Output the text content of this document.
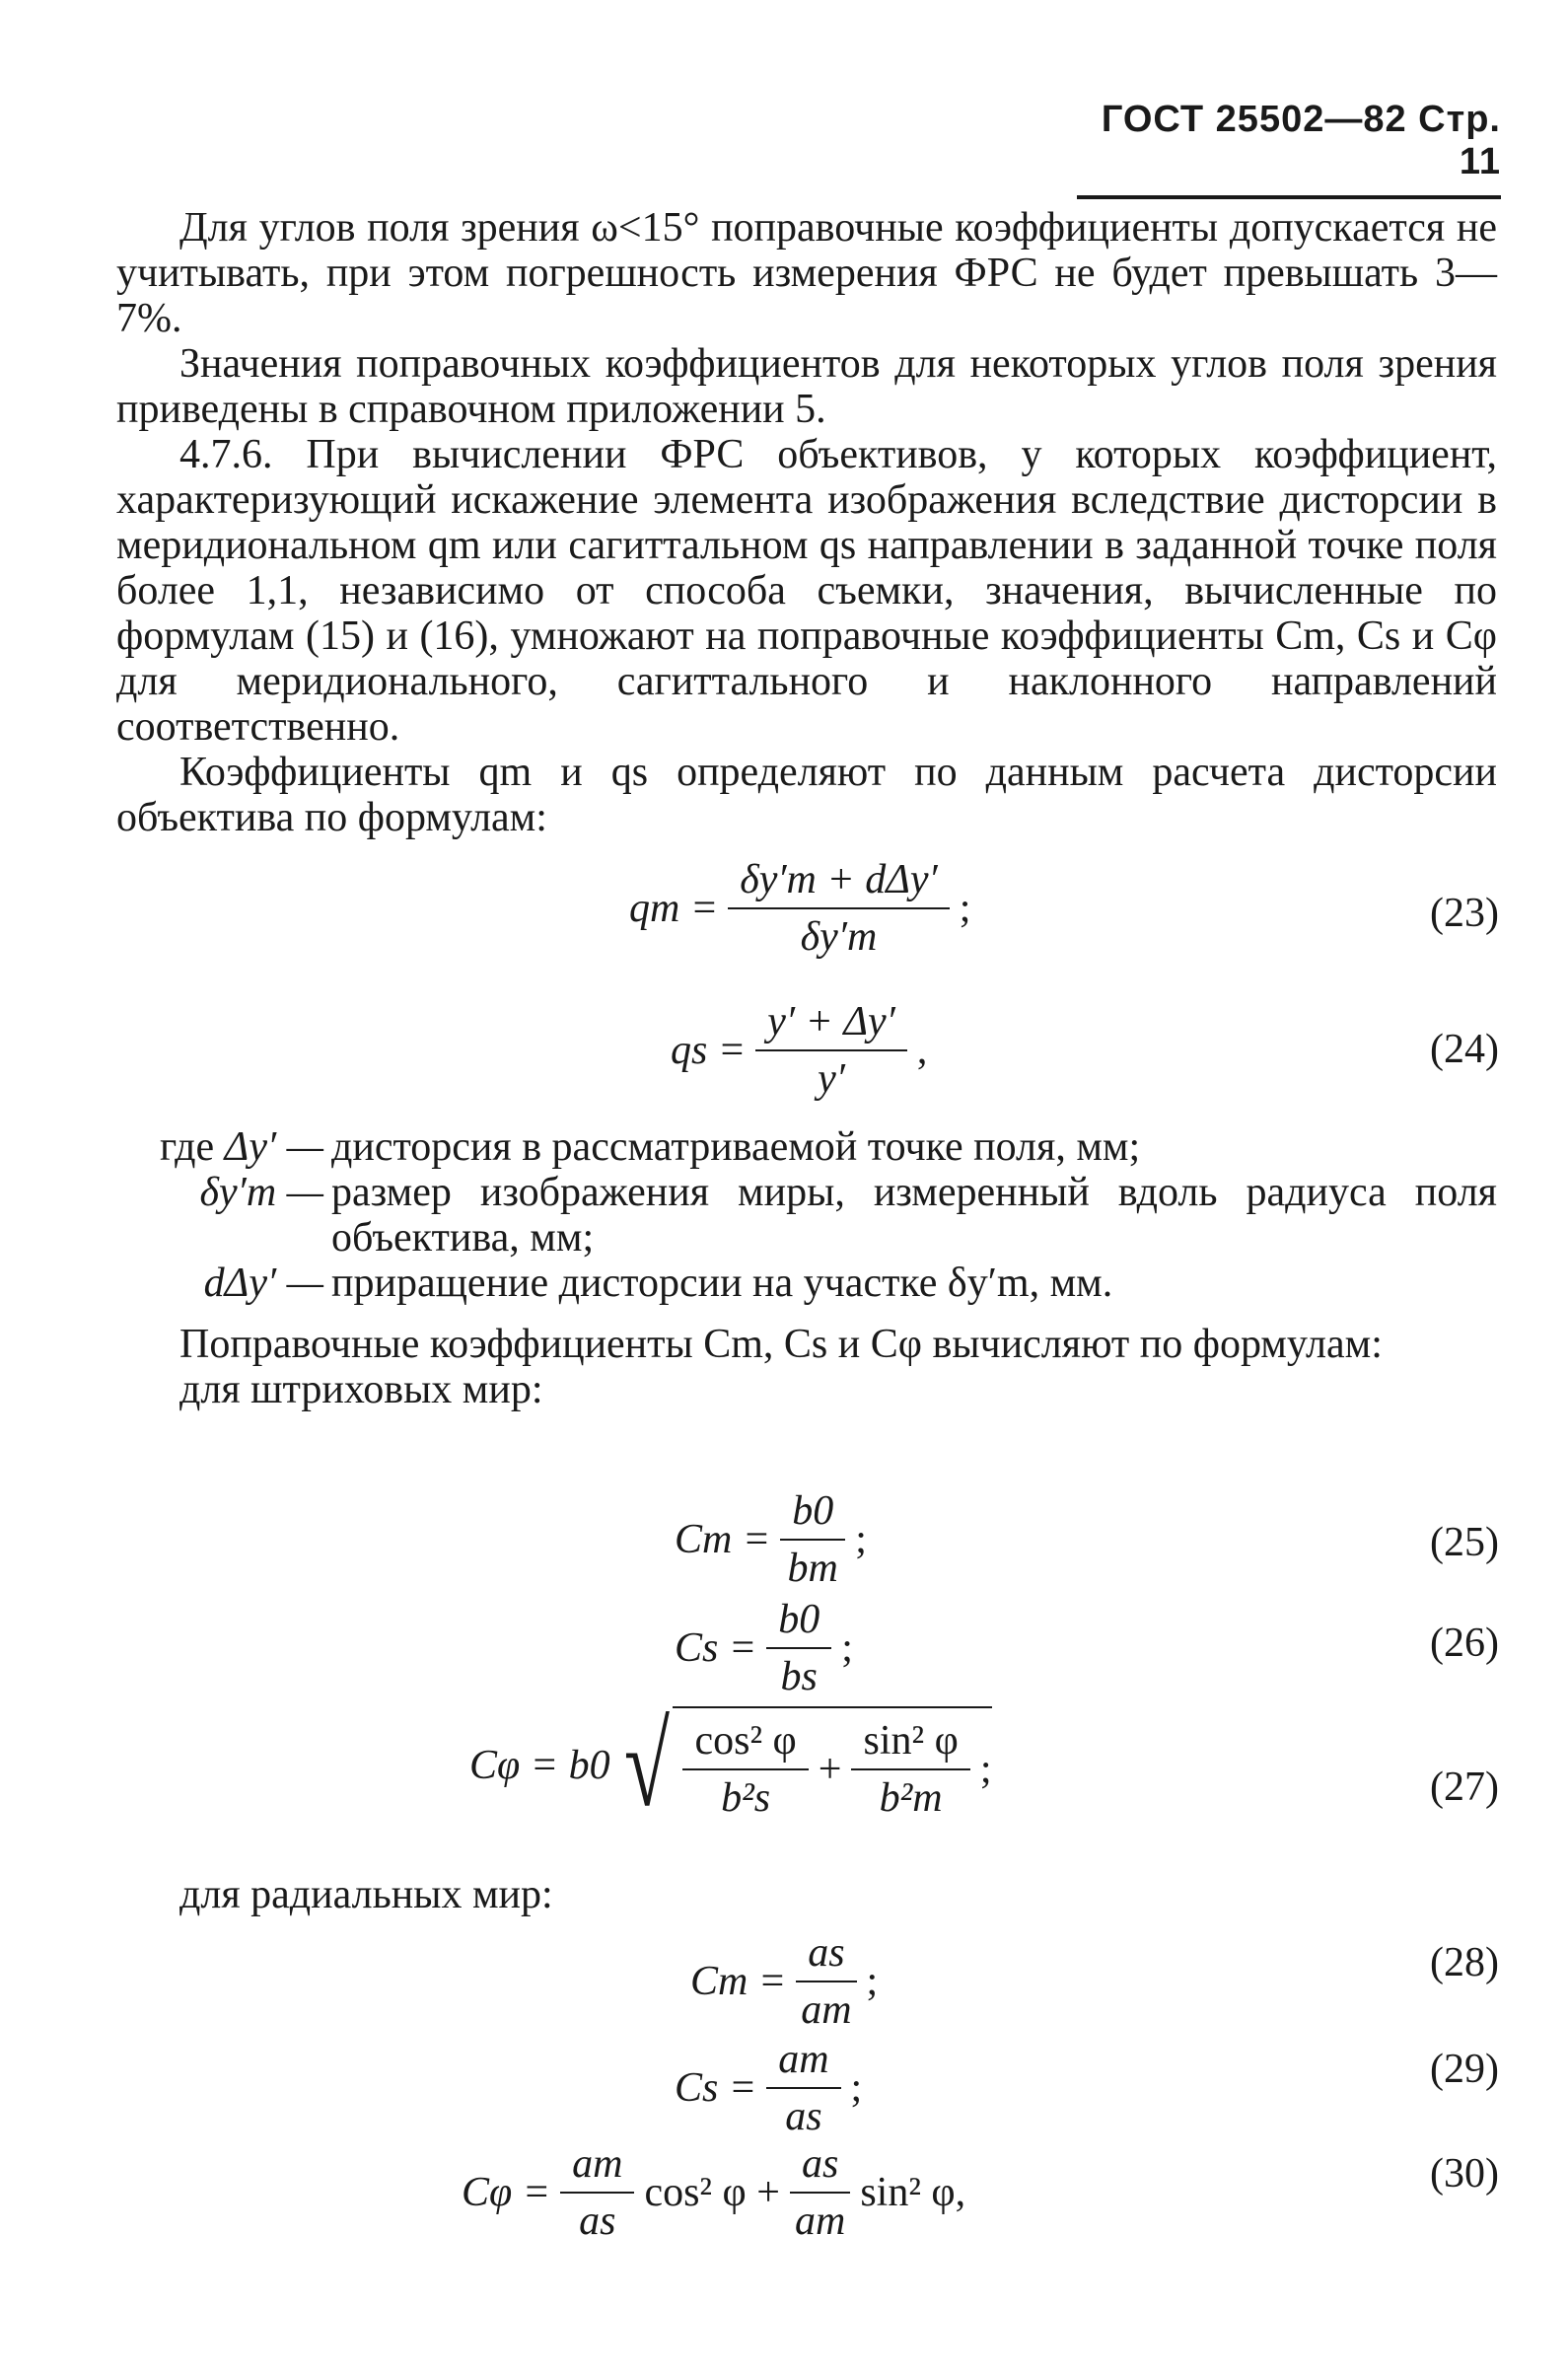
ГОСТ 25502—82 Стр. 11

Для углов поля зрения ω<15° поправочные коэффициенты допускается не учитывать, при этом погрешность измерения ФРС не будет превышать 3—7%.

Значения поправочных коэффициентов для некоторых углов поля зрения приведены в справочном приложении 5.

4.7.6. При вычислении ФРС объективов, у которых коэффициент, характеризующий искажение элемента изображения вследствие дисторсии в меридиональном qm или сагиттальном qs направлении в заданной точке поля более 1,1, независимо от способа съемки, значения, вычисленные по формулам (15) и (16), умножают на поправочные коэффициенты Cm, Cs и Cφ для меридионального, сагиттального и наклонного направлений соответственно.

Коэффициенты qm и qs определяют по данным расчета дисторсии объектива по формулам:

qm = $\frac{\text{δy′m + dΔy′}}{\delta y'm}$ ;	(23)
qs = $\frac{y' + \Delta y'}{y'}$ ,	(24)
где Δy′ — дисторсия в рассматриваемой точке поля, мм;
δy′m — размер изображения миры, измеренный вдоль радиуса поля объектива, мм;
dΔy′ — приращение дисторсии на участке δy′m, мм.

Поправочные коэффициенты Cm, Cs и Cφ вычисляют по формулам:

для штриховых мир:

$Cm = \frac{b0}{bm}$ ;	(25)
$Cs = \frac{b0}{bs}$ ;	(26)
Cφ = b0 √ $\frac{\text{cos² φ}}{\text{b²s}} + \frac{\text{sin² φ}}{\text{b²m}}$ ;	(27)

для радиальных мир:

$Cm = \frac{as}{am}$ ;	(28)
$Cs = \frac{am}{as}$ ;	(29)
$C\varphi = \frac{am}{as} \cos^2$ $\varphi + \frac{as}{am} \sin^2$ φ,	(30)
